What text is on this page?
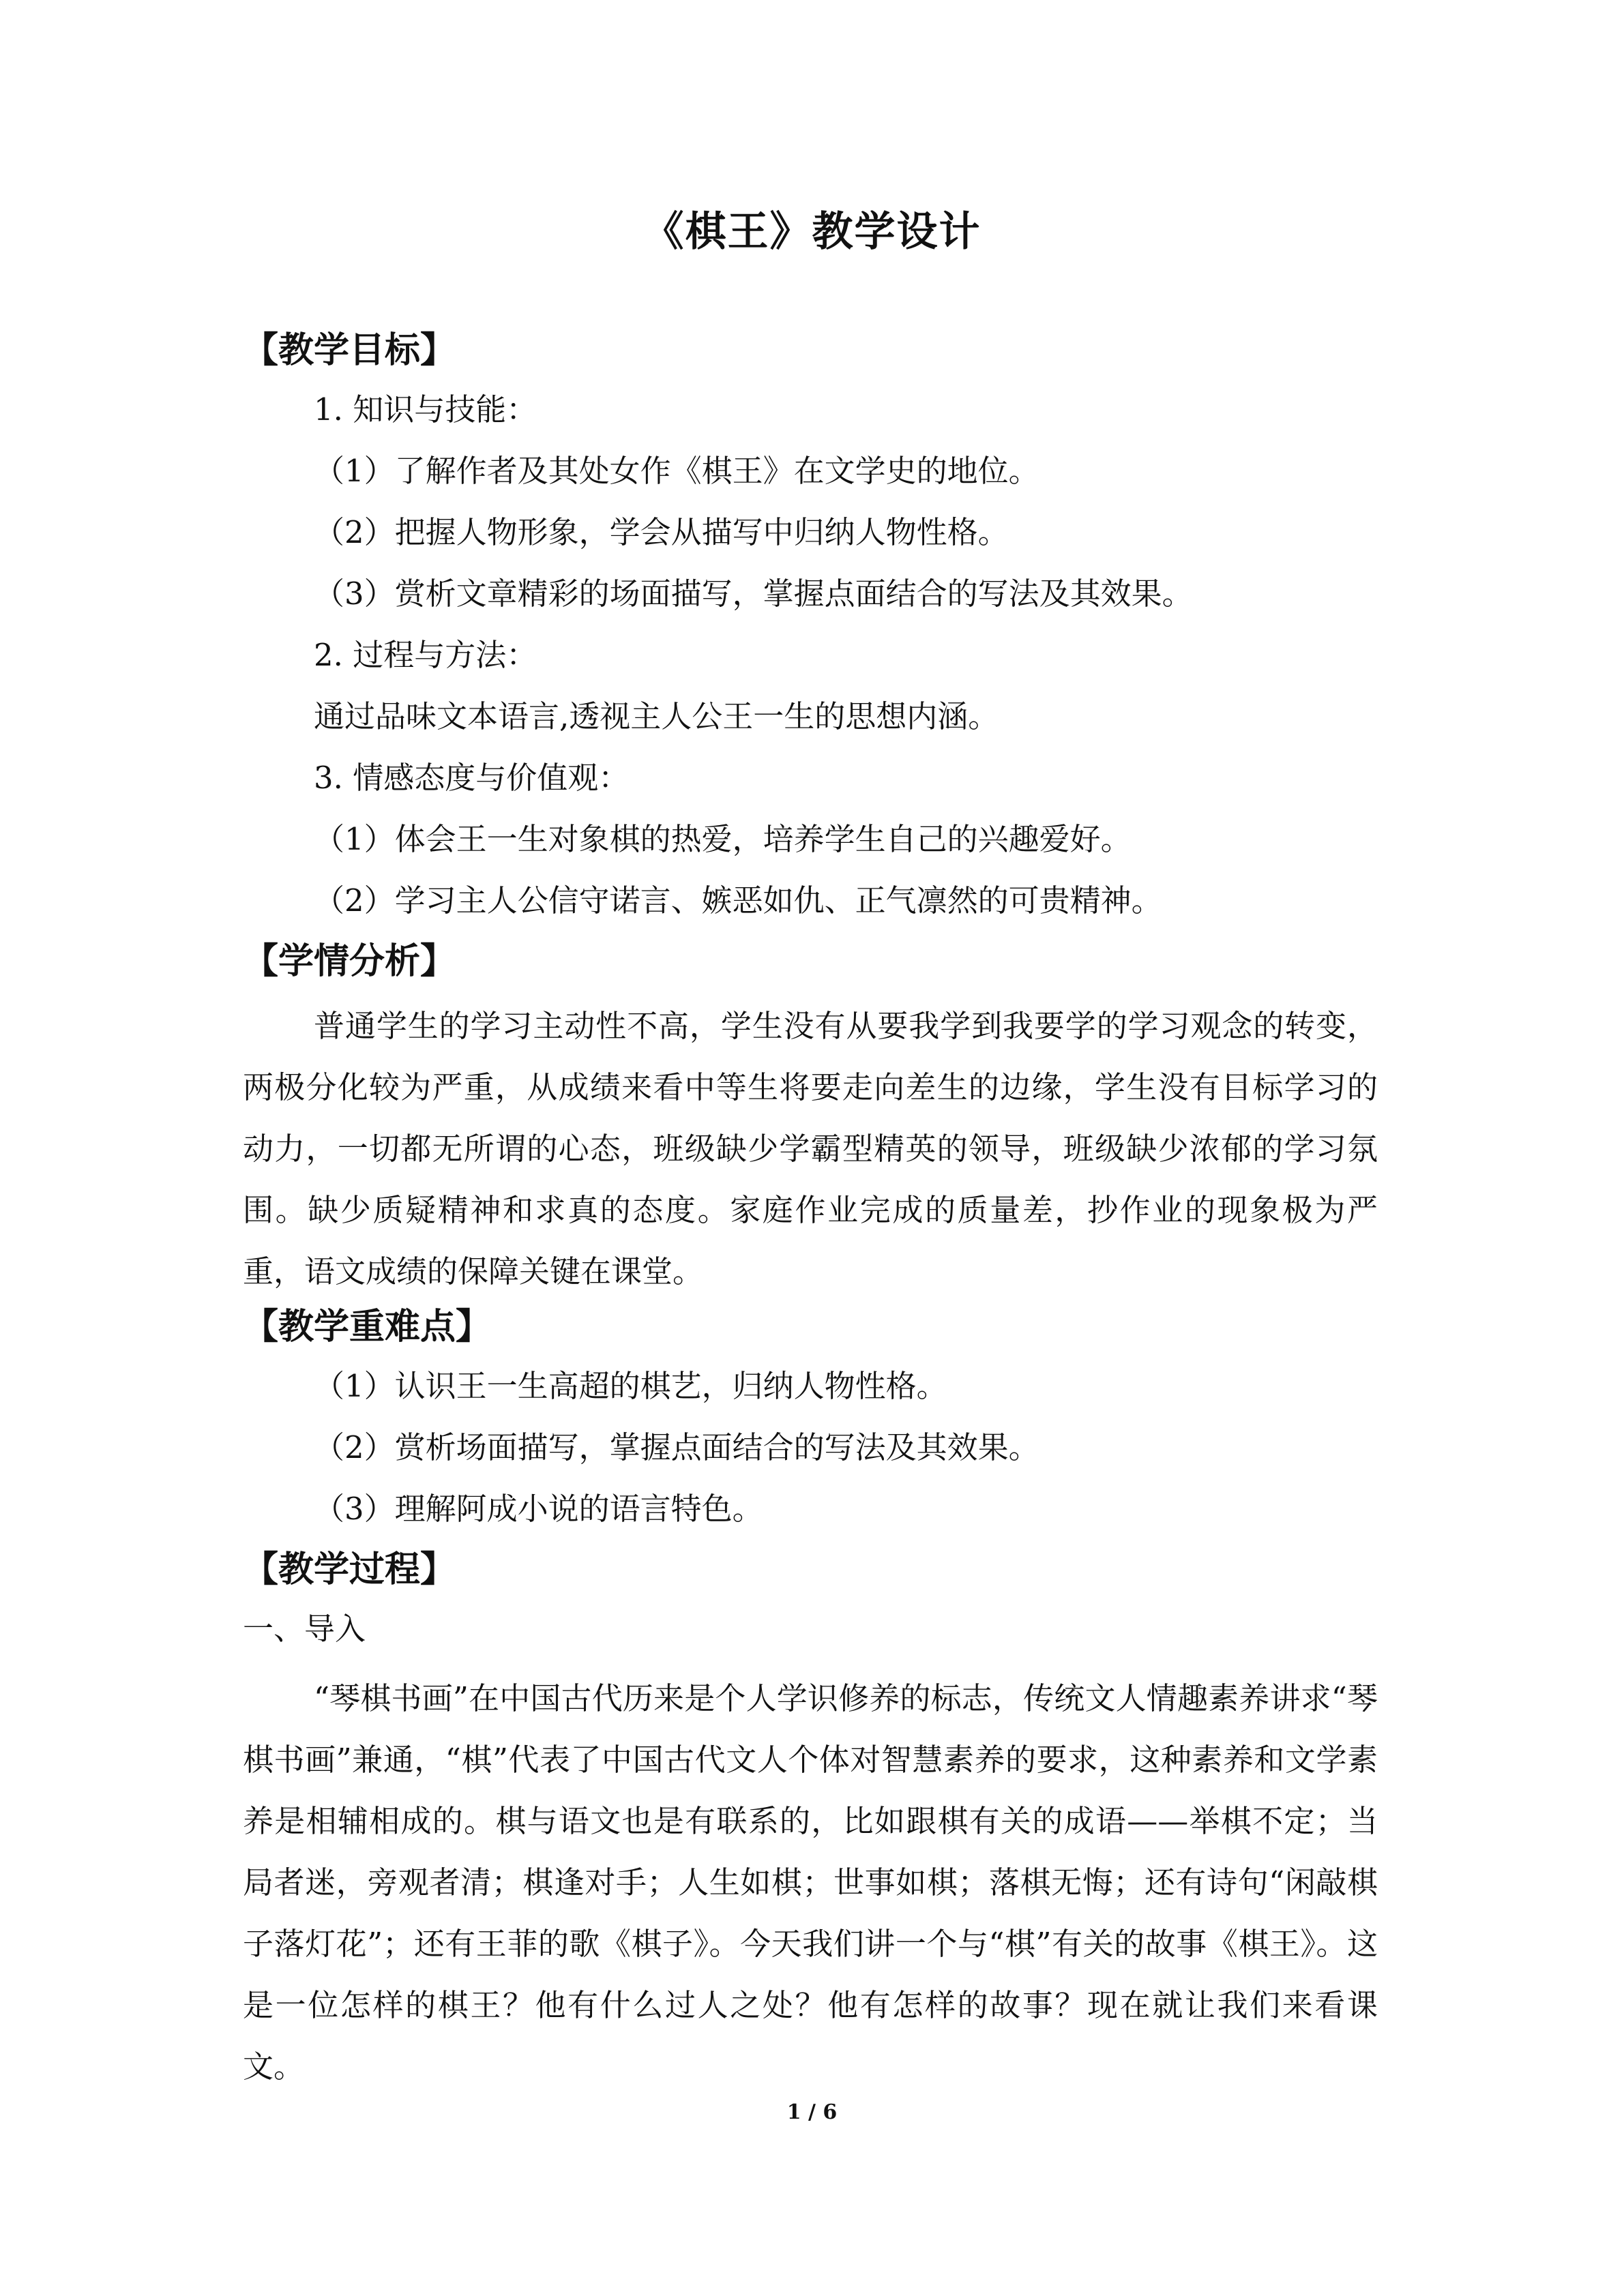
《棋王》教学设计
【教学目标】
1. 知识与技能：
（1）了解作者及其处女作《棋王》在文学史的地位。
（2）把握人物形象，学会从描写中归纳人物性格。
（3）赏析文章精彩的场面描写，掌握点面结合的写法及其效果。
2. 过程与方法：
通过品味文本语言,透视主人公王一生的思想内涵。
3. 情感态度与价值观：
（1）体会王一生对象棋的热爱，培养学生自己的兴趣爱好。
（2）学习主人公信守诺言、嫉恶如仇、正气凛然的可贵精神。
【学情分析】
普通学生的学习主动性不高，学生没有从要我学到我要学的学习观念的转变，两极分化较为严重，从成绩来看中等生将要走向差生的边缘，学生没有目标学习的动力，一切都无所谓的心态，班级缺少学霸型精英的领导，班级缺少浓郁的学习氛围。缺少质疑精神和求真的态度。家庭作业完成的质量差，抄作业的现象极为严重，语文成绩的保障关键在课堂。
【教学重难点】
（1）认识王一生高超的棋艺，归纳人物性格。
（2）赏析场面描写，掌握点面结合的写法及其效果。
（3）理解阿成小说的语言特色。
【教学过程】
一、导入
“琴棋书画”在中国古代历来是个人学识修养的标志，传统文人情趣素养讲求“琴棋书画”兼通，“棋”代表了中国古代文人个体对智慧素养的要求，这种素养和文学素养是相辅相成的。棋与语文也是有联系的，比如跟棋有关的成语——举棋不定；当局者迷，旁观者清；棋逢对手；人生如棋；世事如棋；落棋无悔；还有诗句“闲敲棋子落灯花”；还有王菲的歌《棋子》。今天我们讲一个与“棋”有关的故事《棋王》。这是一位怎样的棋王？他有什么过人之处？他有怎样的故事？现在就让我们来看课文。
1 / 6
